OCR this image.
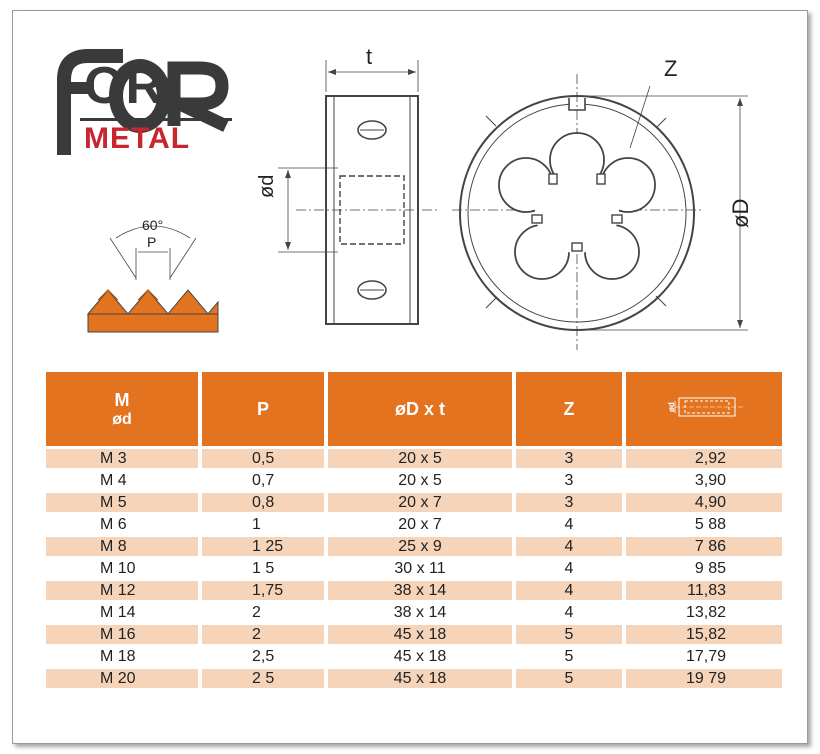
OR
METAL
t
ød
Z
øD
60°
P
M
ød	P	øD x t	Z	ød

M 3	0,5	20 x 5	3	2,92
M 4	0,7	20 x 5	3	3,90
M 5	0,8	20 x 7	3	4,90
M 6	1	20 x 7	4	5 88
M 8	1 25	25 x 9	4	7 86
M 10	1 5	30 x 11	4	9 85
M 12	1,75	38 x 14	4	11,83
M 14	2	38 x 14	4	13,82
M 16	2	45 x 18	5	15,82
M 18	2,5	45 x 18	5	17,79
M 20	2 5	45 x 18	5	19 79
